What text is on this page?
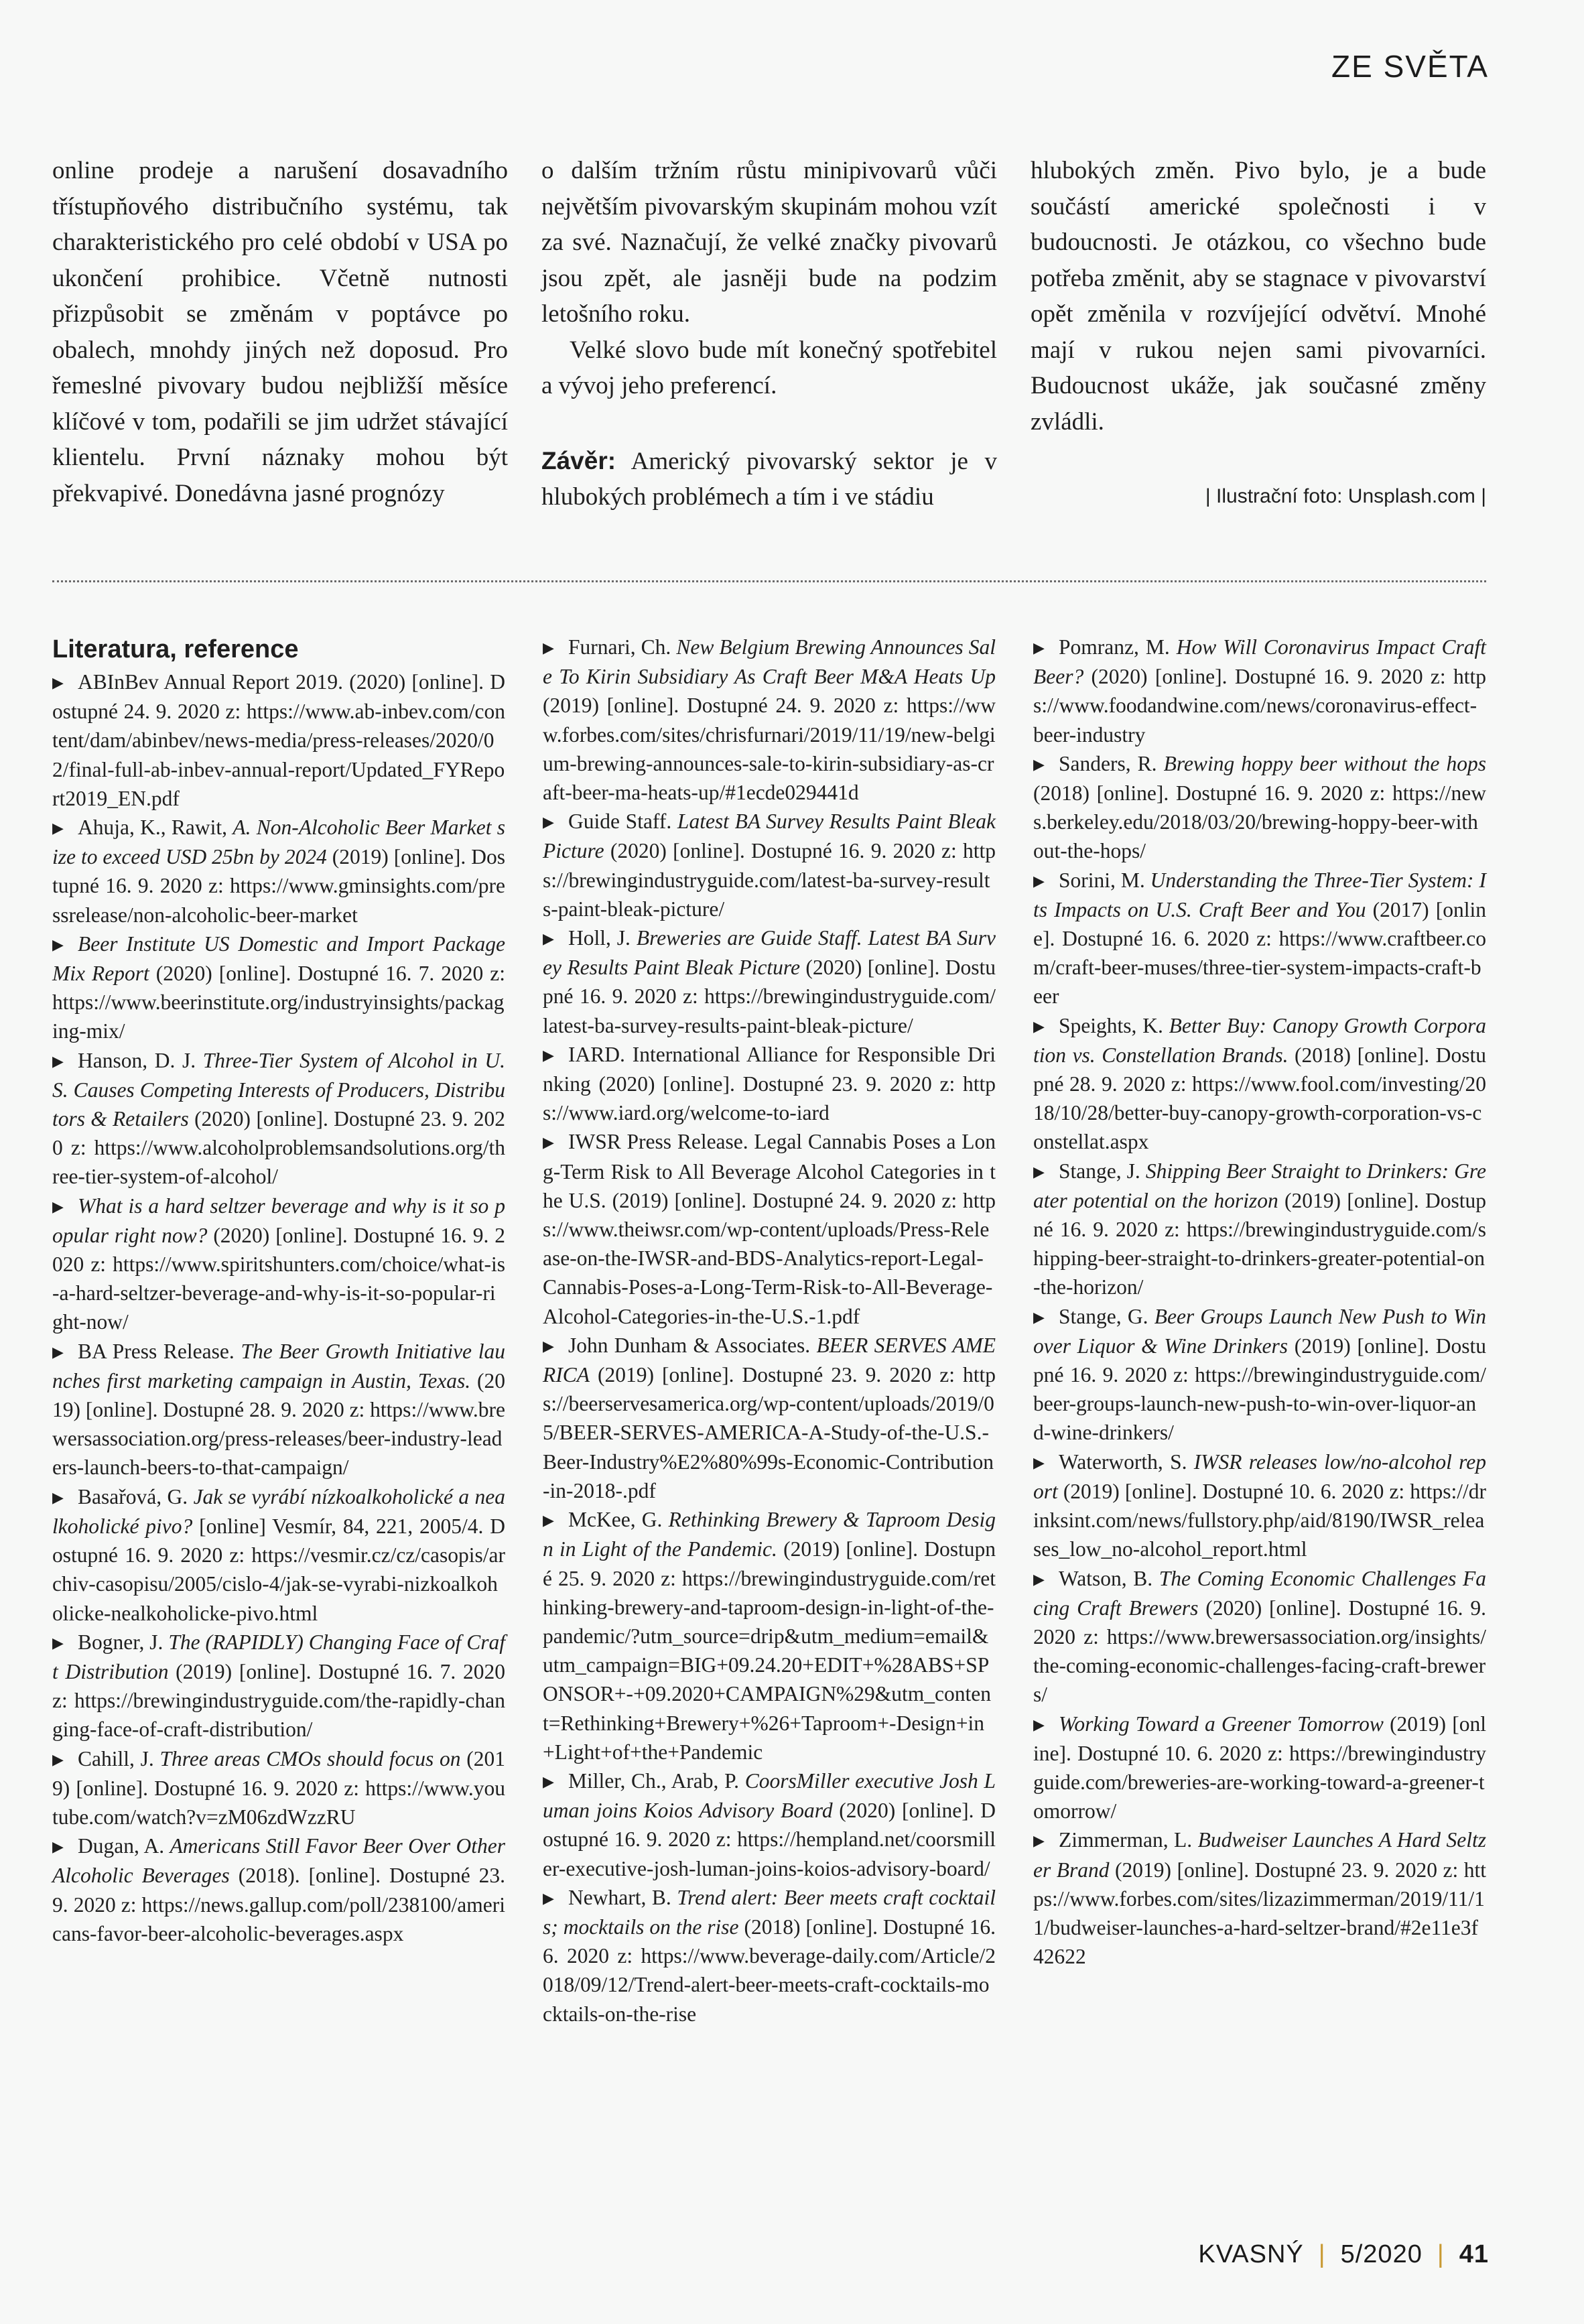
ZE SVĚTA

online prodeje a narušení dosavadního třístupňového distribučního systému, tak charakteristického pro celé období v USA po ukončení prohibice. Včetně nutnosti přizpůsobit se změnám v poptávce po obalech, mnohdy jiných než doposud. Pro řemeslné pivovary budou nejbližší měsíce klíčové v tom, podařili se jim udržet stávající klientelu. První náznaky mohou být překvapivé. Donedávna jasné prognózy

o dalším tržním růstu minipivovarů vůči největším pivovarským skupinám mohou vzít za své. Naznačují, že velké značky pivovarů jsou zpět, ale jasněji bude na podzim letošního roku.

Velké slovo bude mít konečný spotřebitel a vývoj jeho preferencí.

Závěr: Americký pivovarský sektor je v hlubokých problémech a tím i ve stádiu

hlubokých změn. Pivo bylo, je a bude součástí americké společnosti i v budoucnosti. Je otázkou, co všechno bude potřeba změnit, aby se stagnace v pivovarství opět změnila v rozvíjející odvětví. Mnohé mají v rukou nejen sami pivovarníci. Budoucnost ukáže, jak současné změny zvládli.

| Ilustrační foto: Unsplash.com |
Literatura, reference

▶ ABInBev Annual Report 2019. (2020) [online]. Dostupné 24. 9. 2020 z: https://www.ab-inbev.com/content/dam/abinbev/news-media/press-releases/2020/02/final-full-ab-inbev-annual-report/Updated_FYReport2019_EN.pdf

▶ Ahuja, K., Rawit, A. Non-Alcoholic Beer Market size to exceed USD 25bn by 2024 (2019) [online]. Dostupné 16. 9. 2020 z: https://www.gminsights.com/pressrelease/non-alcoholic-beer-market

▶ Beer Institute US Domestic and Import Package Mix Report (2020) [online]. Dostupné 16. 7. 2020 z: https://www.beerinstitute.org/industryinsights/packaging-mix/

▶ Hanson, D. J. Three-Tier System of Alcohol in U.S. Causes Competing Interests of Producers, Distributors & Retailers (2020) [online]. Dostupné 23. 9. 2020 z: https://www.alcoholproblemsandsolutions.org/three-tier-system-of-alcohol/

▶ What is a hard seltzer beverage and why is it so popular right now? (2020) [online]. Dostupné 16. 9. 2020 z: https://www.spiritshunters.com/choice/what-is-a-hard-seltzer-beverage-and-why-is-it-so-popular-right-now/

▶ BA Press Release. The Beer Growth Initiative launches first marketing campaign in Austin, Texas. (2019) [online]. Dostupné 28. 9. 2020 z: https://www.brewersassociation.org/press-releases/beer-industry-leaders-launch-beers-to-that-campaign/

▶ Basařová, G. Jak se vyrábí nízkoalkoholické a nealkoholické pivo? [online] Vesmír, 84, 221, 2005/4. Dostupné 16. 9. 2020 z: https://vesmir.cz/cz/casopis/archiv-casopisu/2005/cislo-4/jak-se-vyrabi-nizkoalkoholicke-nealkoholicke-pivo.html

▶ Bogner, J. The (RAPIDLY) Changing Face of Craft Distribution (2019) [online]. Dostupné 16. 7. 2020 z: https://brewingindustryguide.com/the-rapidly-changing-face-of-craft-distribution/

▶ Cahill, J. Three areas CMOs should focus on (2019) [online]. Dostupné 16. 9. 2020 z: https://www.youtube.com/watch?v=zM06zdWzzRU

▶ Dugan, A. Americans Still Favor Beer Over Other Alcoholic Beverages (2018). [online]. Dostupné 23. 9. 2020 z: https://news.gallup.com/poll/238100/americans-favor-beer-alcoholic-beverages.aspx

▶ Furnari, Ch. New Belgium Brewing Announces Sale To Kirin Subsidiary As Craft Beer M&A Heats Up (2019) [online]. Dostupné 24. 9. 2020 z: https://www.forbes.com/sites/chrisfurnari/2019/11/19/new-belgium-brewing-announces-sale-to-kirin-subsidiary-as-craft-beer-ma-heats-up/#1ecde029441d

▶ Guide Staff. Latest BA Survey Results Paint Bleak Picture (2020) [online]. Dostupné 16. 9. 2020 z: https://brewingindustryguide.com/latest-ba-survey-results-paint-bleak-picture/

▶ Holl, J. Breweries are Guide Staff. Latest BA Survey Results Paint Bleak Picture (2020) [online]. Dostupné 16. 9. 2020 z: https://brewingindustryguide.com/latest-ba-survey-results-paint-bleak-picture/

▶ IARD. International Alliance for Responsible Drinking (2020) [online]. Dostupné 23. 9. 2020 z: https://www.iard.org/welcome-to-iard

▶ IWSR Press Release. Legal Cannabis Poses a Long-Term Risk to All Beverage Alcohol Categories in the U.S. (2019) [online]. Dostupné 24. 9. 2020 z: https://www.theiwsr.com/wp-content/uploads/Press-Release-on-the-IWSR-and-BDS-Analytics-report-Legal-Cannabis-Poses-a-Long-Term-Risk-to-All-Beverage-Alcohol-Categories-in-the-U.S.-1.pdf

▶ John Dunham & Associates. BEER SERVES AMERICA (2019) [online]. Dostupné 23. 9. 2020 z: https://beerservesamerica.org/wp-content/uploads/2019/05/BEER-SERVES-AMERICA-A-Study-of-the-U.S.-Beer-Industry%E2%80%99s-Economic-Contribution-in-2018-.pdf

▶ McKee, G. Rethinking Brewery & Taproom Design in Light of the Pandemic. (2019) [online]. Dostupné 25. 9. 2020 z: https://brewingindustryguide.com/rethinking-brewery-and-taproom-design-in-light-of-the-pandemic/?utm_source=drip&utm_medium=email&utm_campaign=BIG+09.24.20+EDIT+%28ABS+SPONSOR+-+09.2020+CAMPAIGN%29&utm_content=Rethinking+Brewery+%26+Taproom+-Design+in+Light+of+the+Pandemic

▶ Miller, Ch., Arab, P. CoorsMiller executive Josh Luman joins Koios Advisory Board (2020) [online]. Dostupné 16. 9. 2020 z: https://hempland.net/coorsmiller-executive-josh-luman-joins-koios-advisory-board/

▶ Newhart, B. Trend alert: Beer meets craft cocktails; mocktails on the rise (2018) [online]. Dostupné 16. 6. 2020 z: https://www.beverage-daily.com/Article/2018/09/12/Trend-alert-beer-meets-craft-cocktails-mocktails-on-the-rise

▶ Pomranz, M. How Will Coronavirus Impact Craft Beer? (2020) [online]. Dostupné 16. 9. 2020 z: https://www.foodandwine.com/news/coronavirus-effect-beer-industry

▶ Sanders, R. Brewing hoppy beer without the hops (2018) [online]. Dostupné 16. 9. 2020 z: https://news.berkeley.edu/2018/03/20/brewing-hoppy-beer-without-the-hops/

▶ Sorini, M. Understanding the Three-Tier System: Its Impacts on U.S. Craft Beer and You (2017) [online]. Dostupné 16. 6. 2020 z: https://www.craftbeer.com/craft-beer-muses/three-tier-system-impacts-craft-beer

▶ Speights, K. Better Buy: Canopy Growth Corporation vs. Constellation Brands. (2018) [online]. Dostupné 28. 9. 2020 z: https://www.fool.com/investing/2018/10/28/better-buy-canopy-growth-corporation-vs-constellat.aspx

▶ Stange, J. Shipping Beer Straight to Drinkers: Greater potential on the horizon (2019) [online]. Dostupné 16. 9. 2020 z: https://brewingindustryguide.com/shipping-beer-straight-to-drinkers-greater-potential-on-the-horizon/

▶ Stange, G. Beer Groups Launch New Push to Win over Liquor & Wine Drinkers (2019) [online]. Dostupné 16. 9. 2020 z: https://brewingindustryguide.com/beer-groups-launch-new-push-to-win-over-liquor-and-wine-drinkers/

▶ Waterworth, S. IWSR releases low/no-alcohol report (2019) [online]. Dostupné 10. 6. 2020 z: https://drinksint.com/news/fullstory.php/aid/8190/IWSR_releases_low_no-alcohol_report.html

▶ Watson, B. The Coming Economic Challenges Facing Craft Brewers (2020) [online]. Dostupné 16. 9. 2020 z: https://www.brewersassociation.org/insights/the-coming-economic-challenges-facing-craft-brewers/

▶ Working Toward a Greener Tomorrow (2019) [online]. Dostupné 10. 6. 2020 z: https://brewingindustryguide.com/breweries-are-working-toward-a-greener-tomorrow/

▶ Zimmerman, L. Budweiser Launches A Hard Seltzer Brand (2019) [online]. Dostupné 23. 9. 2020 z: https://www.forbes.com/sites/lizazimmerman/2019/11/11/budweiser-launches-a-hard-seltzer-brand/#2e11e3f42622

KVASNÝ | 5/2020 | 41
